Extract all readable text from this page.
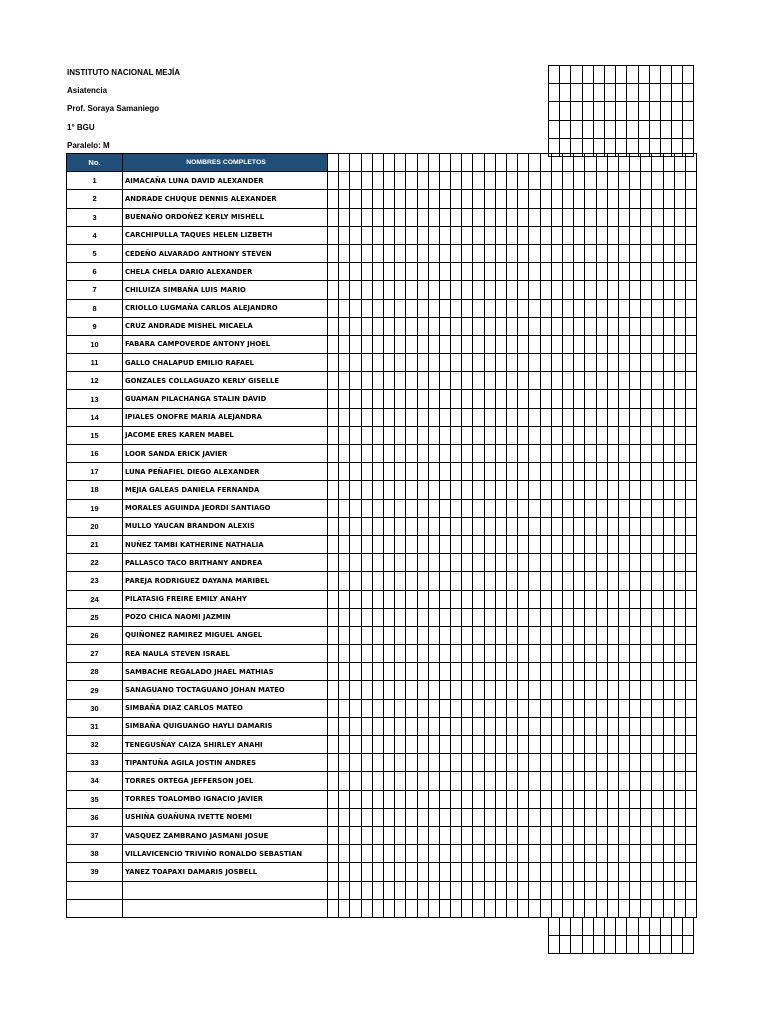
INSTITUTO NACIONAL MEJÍA
Asiatencia
Prof. Soraya Samaniego
1° BGU
Paralelo: M
No.	NOMBRES COMPLETOS																																	
1	AIMACAÑA LUNA DAVID ALEXANDER																																	
2	ANDRADE CHUQUE DENNIS ALEXANDER																																	
3	BUENAÑO ORDOÑEZ KERLY MISHELL																																	
4	CARCHIPULLA TAQUES HELEN LIZBETH																																	
5	CEDEÑO ALVARADO ANTHONY STEVEN																																	
6	CHELA CHELA DARIO ALEXANDER																																	
7	CHILUIZA SIMBAÑA LUIS MARIO																																	
8	CRIOLLO LUGMAÑA CARLOS ALEJANDRO																																	
9	CRUZ ANDRADE MISHEL MICAELA																																	
10	FABARA CAMPOVERDE ANTONY JHOEL																																	
11	GALLO CHALAPUD EMILIO RAFAEL																																	
12	GONZALES COLLAGUAZO KERLY GISELLE																																	
13	GUAMAN PILACHANGA STALIN DAVID																																	
14	IPIALES ONOFRE MARIA ALEJANDRA																																	
15	JACOME ERES KAREN MABEL																																	
16	LOOR SANDA ERICK JAVIER																																	
17	LUNA PEÑAFIEL DIEGO ALEXANDER																																	
18	MEJIA GALEAS DANIELA FERNANDA																																	
19	MORALES AGUINDA JEORDI SANTIAGO																																	
20	MULLO YAUCAN BRANDON ALEXIS																																	
21	NUÑEZ TAMBI KATHERINE NATHALIA																																	
22	PALLASCO TACO BRITHANY ANDREA																																	
23	PAREJA RODRIGUEZ DAYANA MARIBEL																																	
24	PILATASIG FREIRE EMILY ANAHY																																	
25	POZO CHICA NAOMI JAZMIN																																	
26	QUIÑONEZ RAMIREZ MIGUEL ANGEL																																	
27	REA NAULA STEVEN ISRAEL																																	
28	SAMBACHE REGALADO JHAEL MATHIAS																																	
29	SANAGUANO TOCTAGUANO JOHAN MATEO																																	
30	SIMBAÑA DIAZ CARLOS MATEO																																	
31	SIMBAÑA QUIGUANGO HAYLI DAMARIS																																	
32	TENEGUSÑAY CAIZA SHIRLEY ANAHI																																	
33	TIPANTUÑA AGILA JOSTIN ANDRES																																	
34	TORRES ORTEGA JEFFERSON JOEL																																	
35	TORRES TOALOMBO IGNACIO JAVIER																																	
36	USHIÑA GUAÑUNA IVETTE NOEMI																																	
37	VASQUEZ ZAMBRANO JASMANI JOSUE																																	
38	VILLAVICENCIO TRIVIÑO RONALDO SEBASTIAN																																	
39	YANEZ TOAPAXI DAMARIS JOSBELL																																	
